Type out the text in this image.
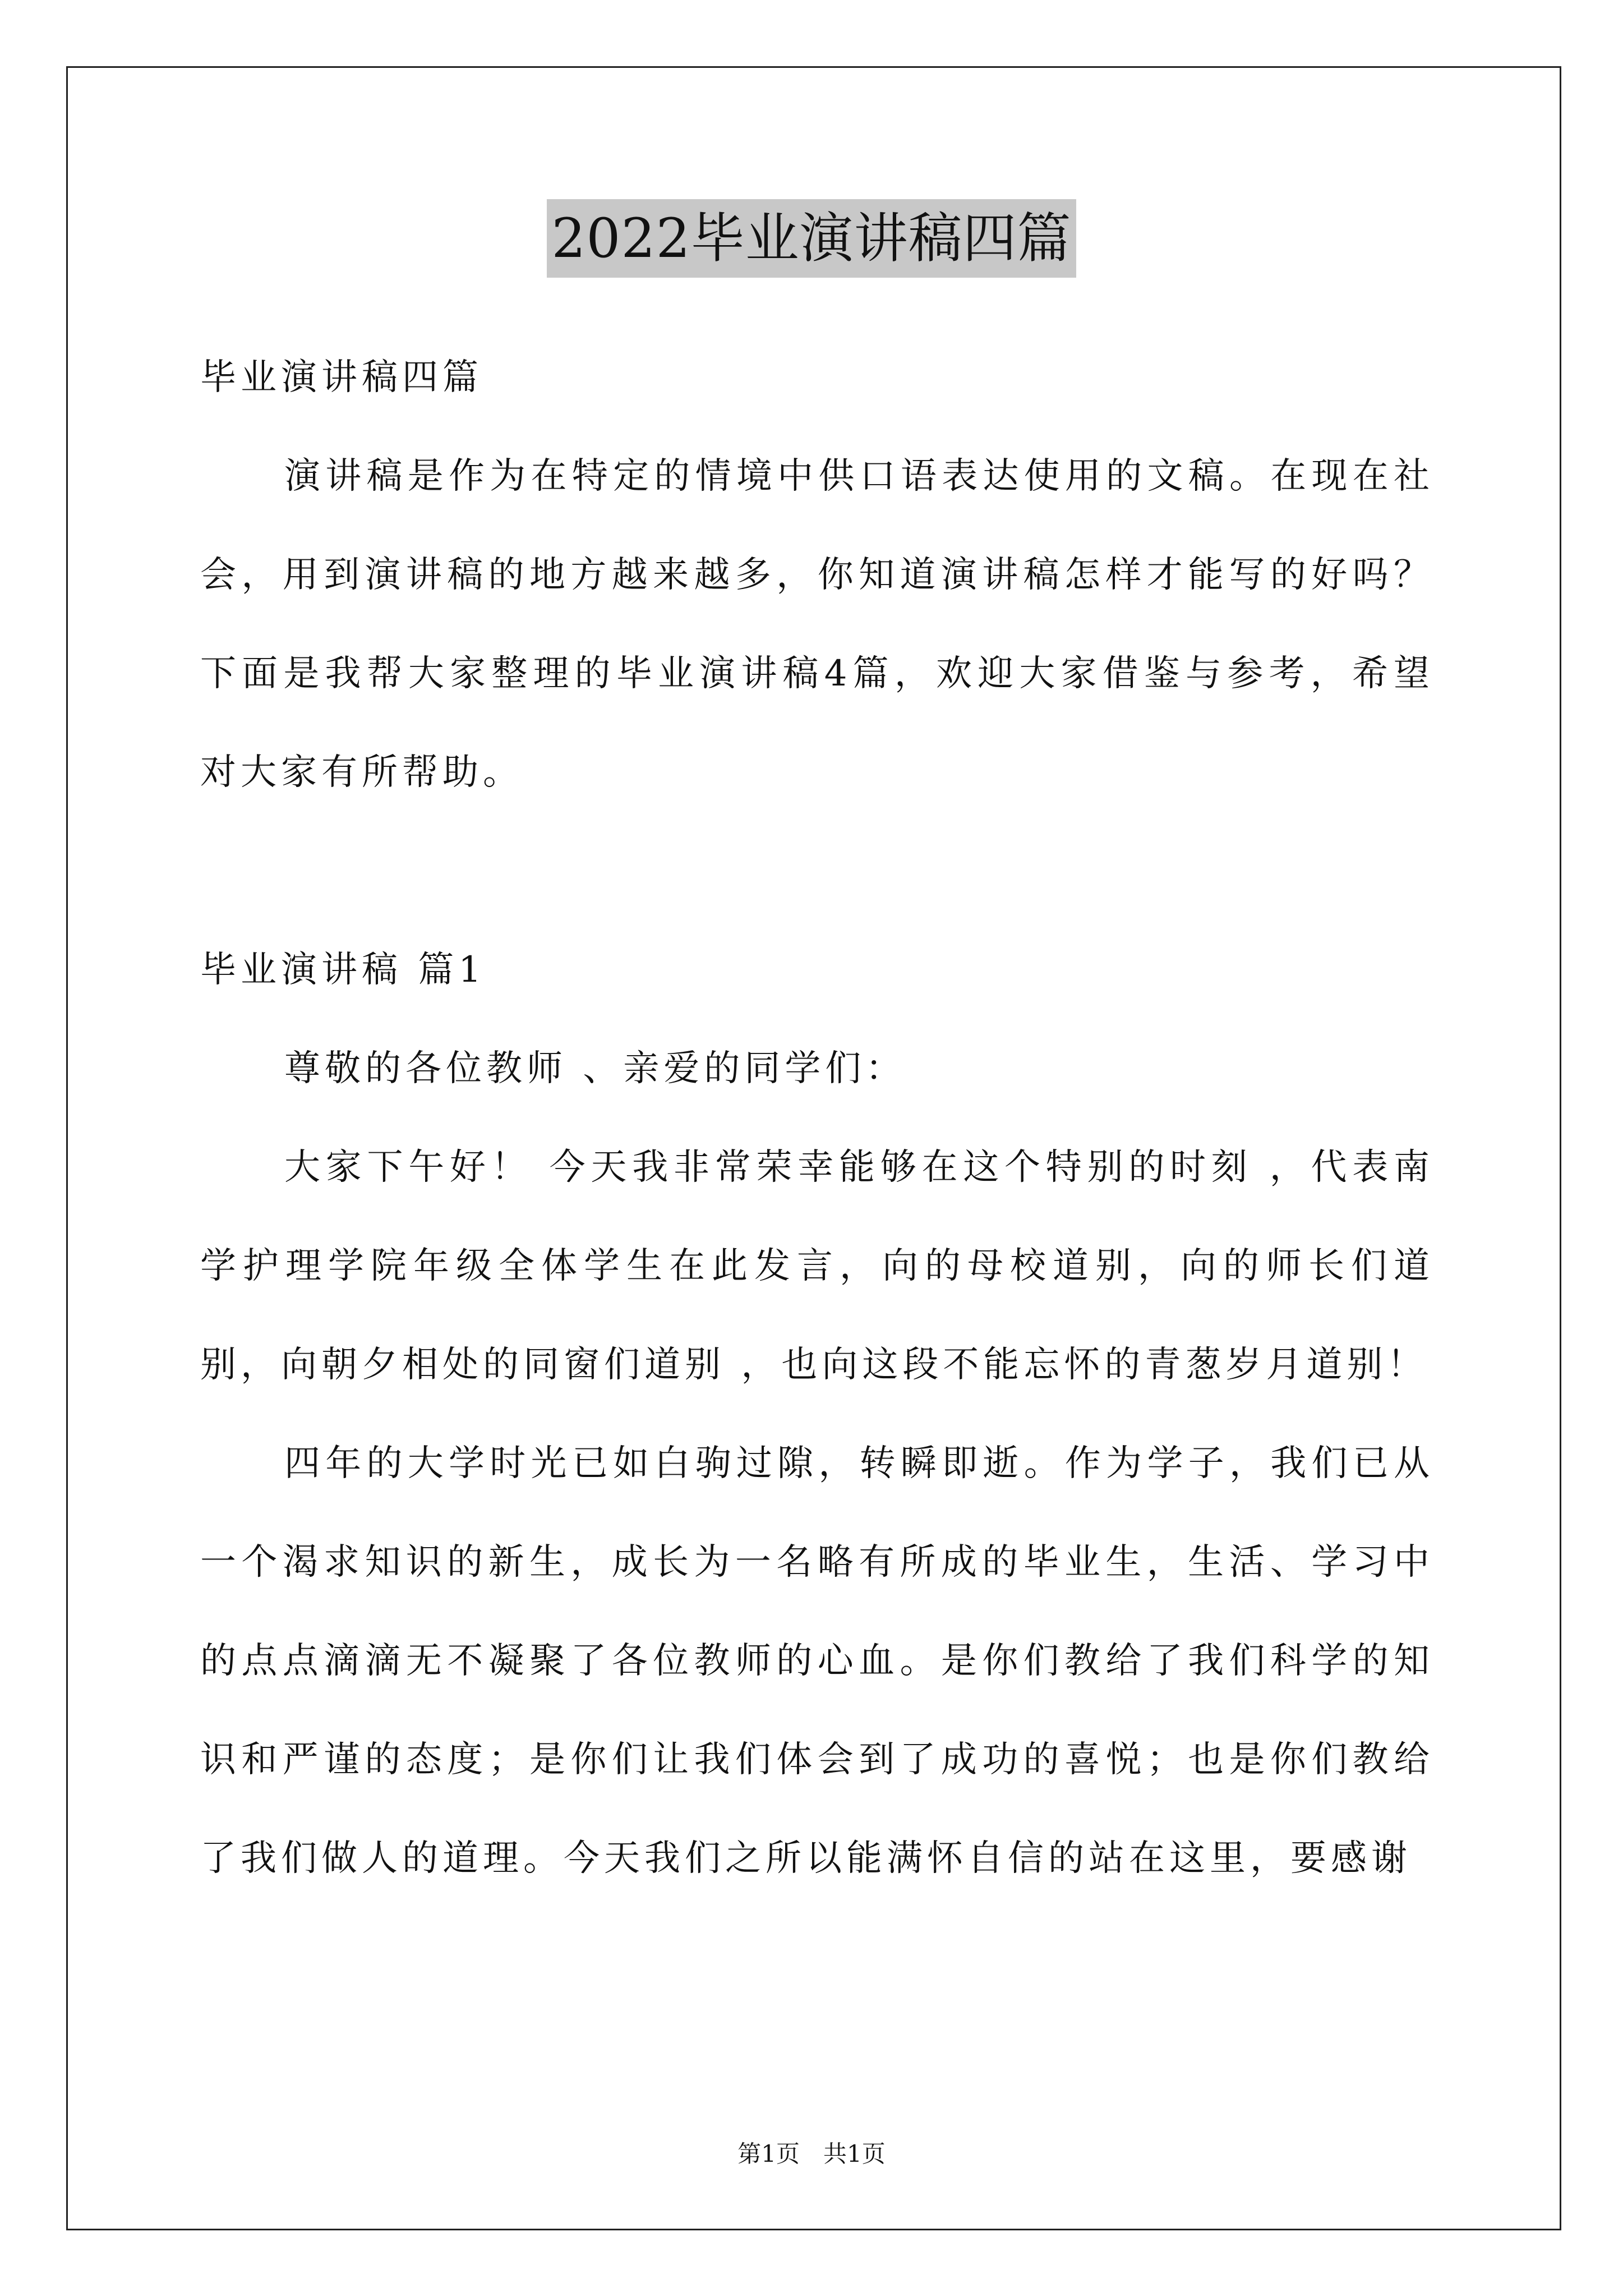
2022毕业演讲稿四篇

毕业演讲稿四篇

演讲稿是作为在特定的情境中供口语表达使用的文稿。在现在社会，用到演讲稿的地方越来越多，你知道演讲稿怎样才能写的好吗？下面是我帮大家整理的毕业演讲稿4篇，欢迎大家借鉴与参考，希望对大家有所帮助。

毕业演讲稿 篇1

尊敬的各位教师 、亲爱的同学们：

大家下午好！ 今天我非常荣幸能够在这个特别的时刻 ，代表南学护理学院年级全体学生在此发言，向的母校道别，向的师长们道别，向朝夕相处的同窗们道别 ，也向这段不能忘怀的青葱岁月道别！

四年的大学时光已如白驹过隙，转瞬即逝。作为学子，我们已从一个渴求知识的新生，成长为一名略有所成的毕业生，生活、学习中的点点滴滴无不凝聚了各位教师的心血。是你们教给了我们科学的知识和严谨的态度；是你们让我们体会到了成功的喜悦；也是你们教给了我们做人的道理。今天我们之所以能满怀自信的站在这里，要感谢

第1页　共1页
